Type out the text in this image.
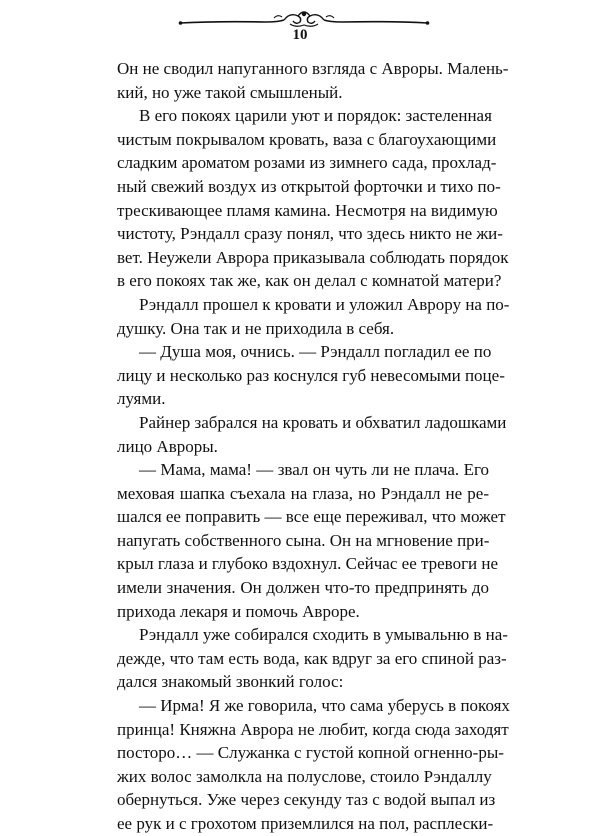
10
Он не сводил напуганного взгляда с Авроры. Малень-
кий, но уже такой смышленый.
В его покоях царили уют и порядок: застеленная
чистым покрывалом кровать, ваза с благоухающими
сладким ароматом розами из зимнего сада, прохлад-
ный свежий воздух из открытой форточки и тихо по-
трескивающее пламя камина. Несмотря на видимую
чистоту, Рэндалл сразу понял, что здесь никто не жи-
вет. Неужели Аврора приказывала соблюдать порядок
в его покоях так же, как он делал с комнатой матери?
Рэндалл прошел к кровати и уложил Аврору на по-
душку. Она так и не приходила в себя.
— Душа моя, очнись. — Рэндалл погладил ее по
лицу и несколько раз коснулся губ невесомыми поце-
луями.
Райнер забрался на кровать и обхватил ладошками
лицо Авроры.
— Мама, мама! — звал он чуть ли не плача. Его
меховая шапка съехала на глаза, но Рэндалл не ре-
шался ее поправить — все еще переживал, что может
напугать собственного сына. Он на мгновение при-
крыл глаза и глубоко вздохнул. Сейчас ее тревоги не
имели значения. Он должен что-то предпринять до
прихода лекаря и помочь Авроре.
Рэндалл уже собирался сходить в умывальню в на-
дежде, что там есть вода, как вдруг за его спиной раз-
дался знакомый звонкий голос:
— Ирма! Я же говорила, что сама уберусь в покоях
принца! Княжна Аврора не любит, когда сюда заходят
посторо… — Служанка с густой копной огненно-ры-
жих волос замолкла на полуслове, стоило Рэндаллу
обернуться. Уже через секунду таз с водой выпал из
ее рук и с грохотом приземлился на пол, расплески-
